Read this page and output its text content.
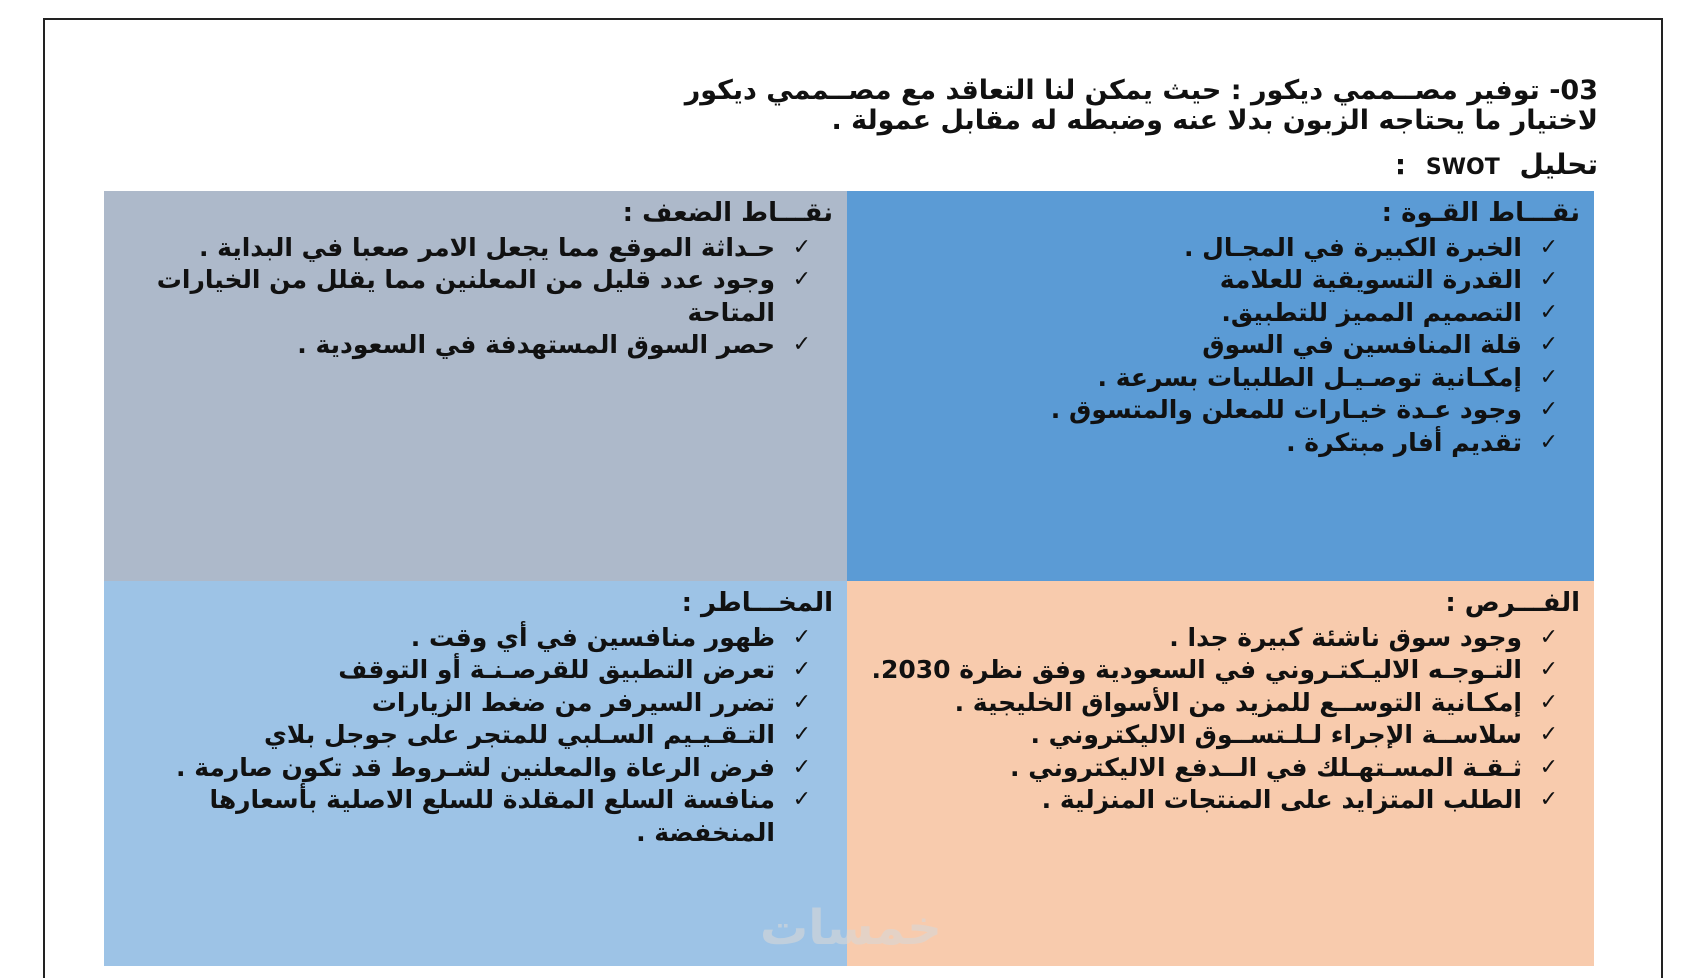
03- توفير مصــممي ديكور : حيث يمكن لنا التعاقد مع مصــممي ديكور
لاختيار ما يحتاجه الزبون بدلا عنه وضبطه له مقابل عمولة .
تحليل SWOT :
نقـــاط القـوة :
✓
الخبرة الكبيرة في المجـال .
✓
القدرة التسويقية للعلامة
✓
التصميم المميز للتطبيق.
✓
قلة المنافسين في السوق
✓
إمكـانية توصـيـل الطلبيات بسرعة .
✓
وجود عـدة خيـارات للمعلن والمتسوق .
✓
تقديم أفار مبتكرة .
نقـــاط الضعف :
✓
حـداثة الموقع مما يجعل الامر صعبا في البداية .
✓
وجود عدد قليل من المعلنين مما يقلل من الخيارات المتاحة
✓
حصر السوق المستهدفة في السعودية .
الفـــرص :
✓
وجود سوق ناشئة كبيرة جدا .
✓
التـوجـه الاليـكتـروني في السعودية وفق نظرة 2030.
✓
إمكـانية التوســع للمزيد من الأسواق الخليجية .
✓
سلاســة الإجراء لـلـتســوق الاليكتروني .
✓
ثـقـة المسـتهـلك في الــدفع الاليكتروني .
✓
الطلب المتزايد على المنتجات المنزلية .
المخـــاطر :
✓
ظهور منافسين في أي وقت .
✓
تعرض التطبيق للقرصـنـة أو التوقف
✓
تضرر السيرفر من ضغط الزيارات
✓
التـقـيـيم السـلبي للمتجر على جوجل بلاي
✓
فرض الرعاة والمعلنين لشـروط قد تكون صارمة .
✓
منافسة السلع المقلدة للسلع الاصلية بأسعارها المنخفضة .
خمسات
